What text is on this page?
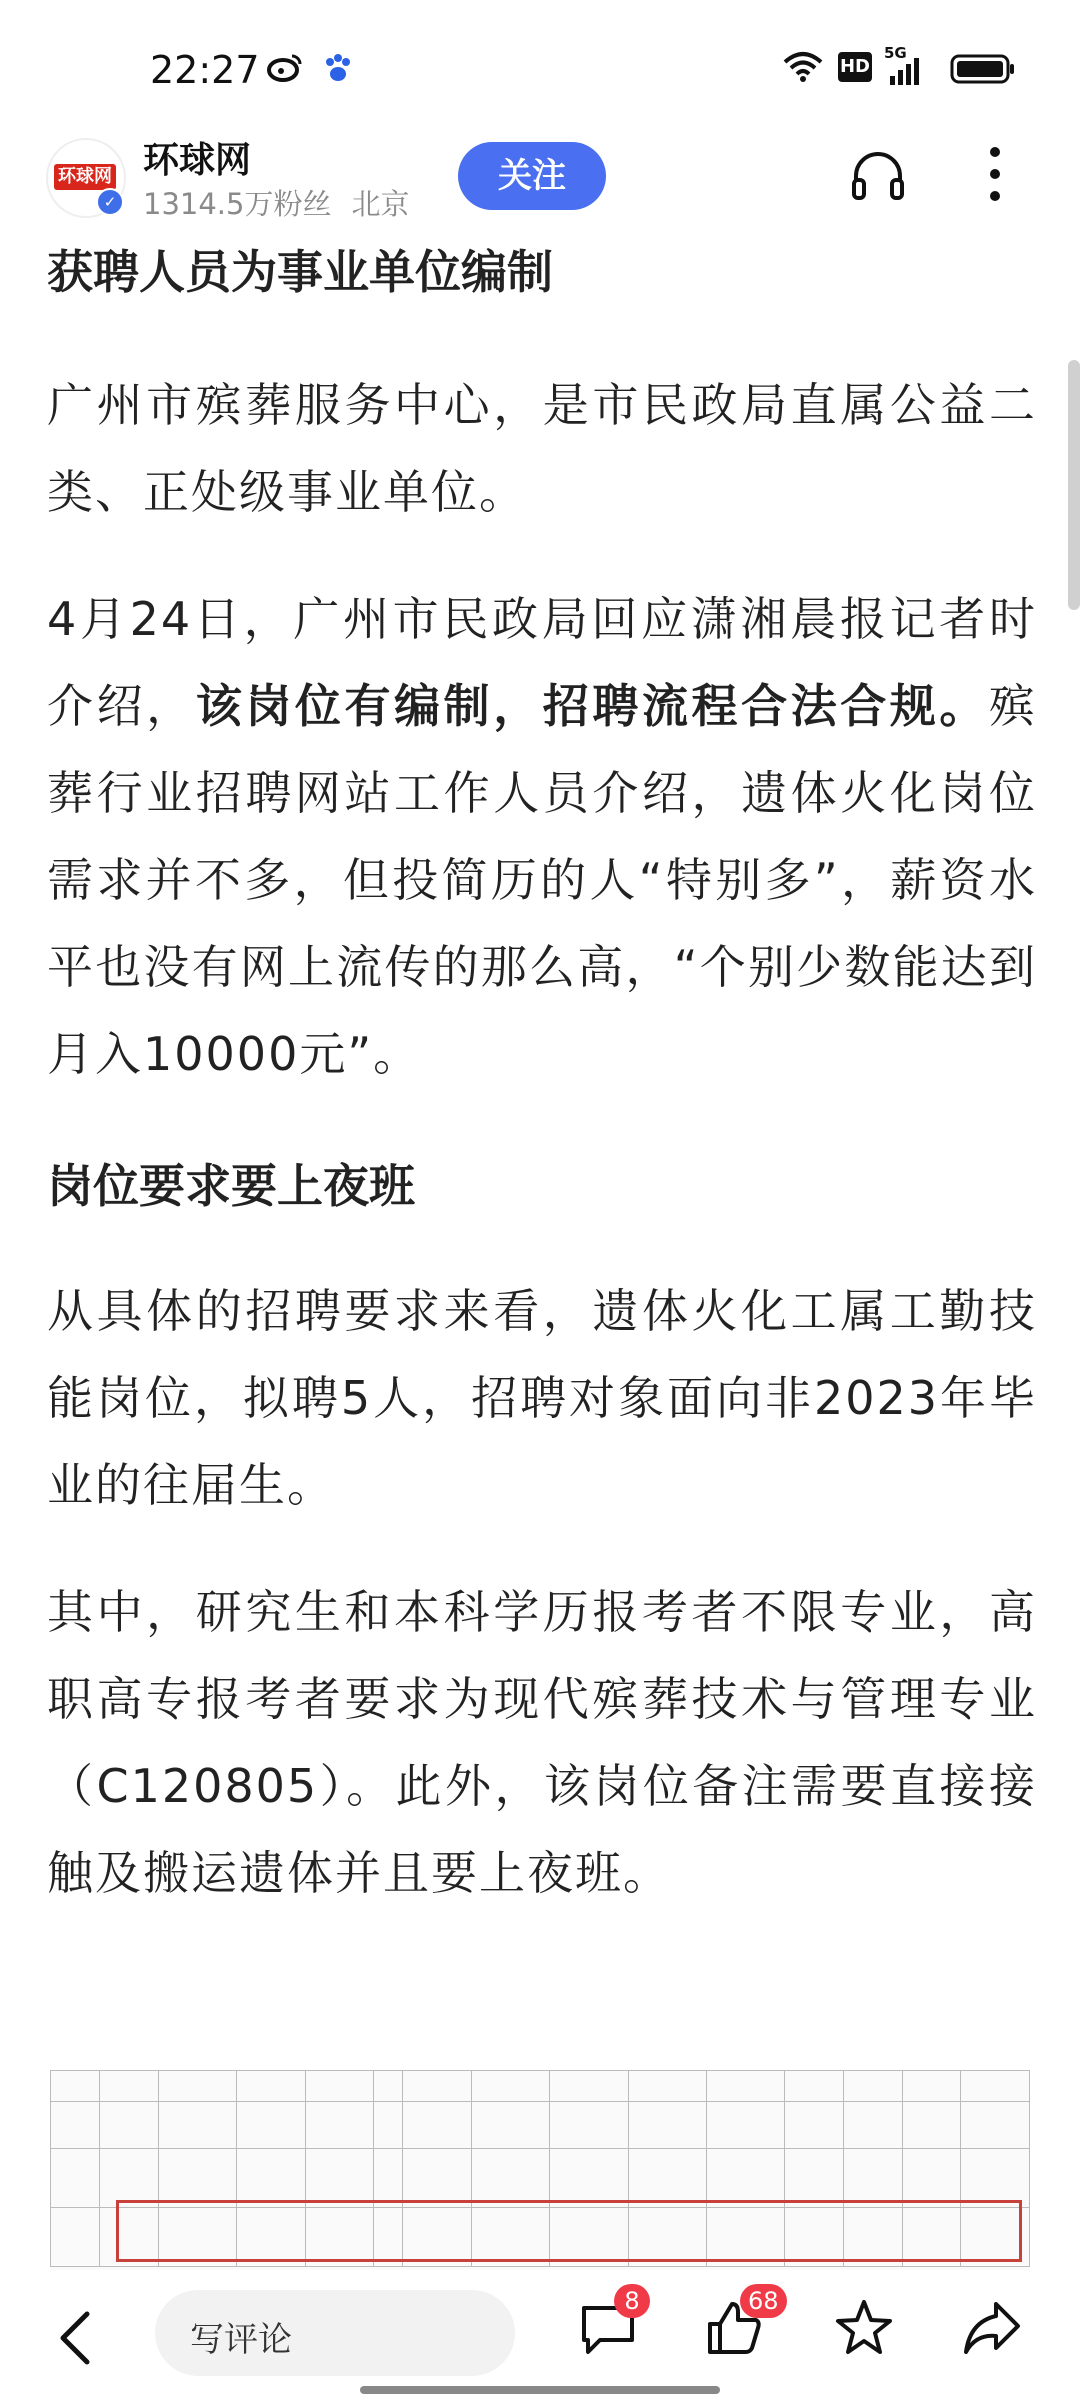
22:27	HD
5G
环球网
✓
环球网
1314.5万粉丝 北京
关注
获聘人员为事业单位编制

广州市殡葬服务中心，是市民政局直属公益二类、正处级事业单位。

4月24日，广州市民政局回应潇湘晨报记者时介绍，该岗位有编制，招聘流程合法合规。殡葬行业招聘网站工作人员介绍，遗体火化岗位需求并不多，但投简历的人“特别多”，薪资水平也没有网上流传的那么高，“个别少数能达到月入10000元”。

岗位要求要上夜班

从具体的招聘要求来看，遗体火化工属工勤技能岗位，拟聘5人，招聘对象面向非2023年毕业的往届生。

其中，研究生和本科学历报考者不限专业，高职高专报考者要求为现代殡葬技术与管理专业（C120805）。此外，该岗位备注需要直接接触及搬运遗体并且要上夜班。

写评论
8	68
